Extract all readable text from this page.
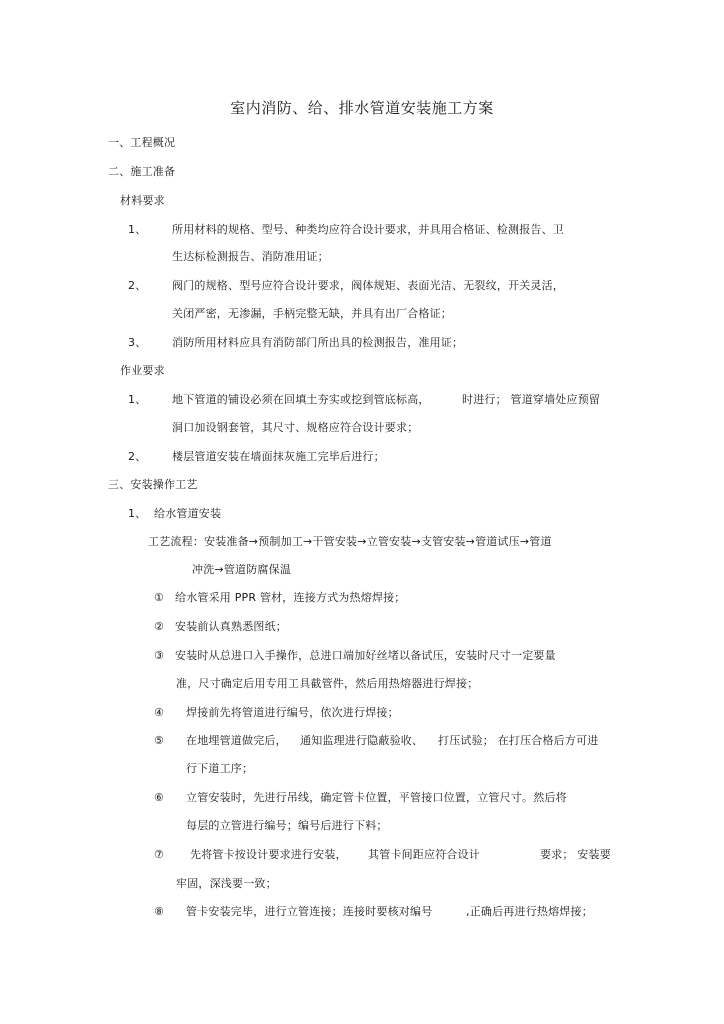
室内消防、给、排水管道安装施工方案
一、工程概况
二、施工准备
材料要求
1、 所用材料的规格、型号、种类均应符合设计要求，并具用合格证、检测报告、卫
生达标检测报告、消防准用证；
2、 阀门的规格、型号应符合设计要求，阀体规矩、表面光洁、无裂纹，开关灵活，
关闭严密，无渗漏，手柄完整无缺，并具有出厂合格证；
3、 消防所用材料应具有消防部门所出具的检测报告，准用证；
作业要求
1、 地下管道的铺设必须在回填土夯实或挖到管底标高，	时进行； 管道穿墙处应预留
洞口加设钢套管，其尺寸、规格应符合设计要求；
2、 楼层管道安装在墙面抹灰施工完毕后进行；
三、安装操作工艺
1、 给水管道安装
工艺流程：安装准备→预制加工→干管安装→立管安装→支管安装→管道试压→管道
冲洗→管道防腐保温
① 给水管采用 PPR 管材，连接方式为热熔焊接；
② 安装前认真熟悉图纸；
③ 安装时从总进口入手操作，总进口端加好丝堵以备试压，安装时尺寸一定要量
准，尺寸确定后用专用工具截管件，然后用热熔器进行焊接；
④ 焊接前先将管道进行编号，依次进行焊接；
⑤ 在地埋管道做完后， 通知监理进行隐蔽验收、 打压试验； 在打压合格后方可进
行下道工序；
⑥ 立管安装时，先进行吊线，确定管卡位置，平管接口位置，立管尺寸。然后将
每层的立管进行编号；编号后进行下料；
⑦ 先将管卡按设计要求进行安装， 其管卡间距应符合设计	要求； 安装要
牢固，深浅要一致；
⑧ 管卡安装完毕，进行立管连接；连接时要核对编号	,正确后再进行热熔焊接；
